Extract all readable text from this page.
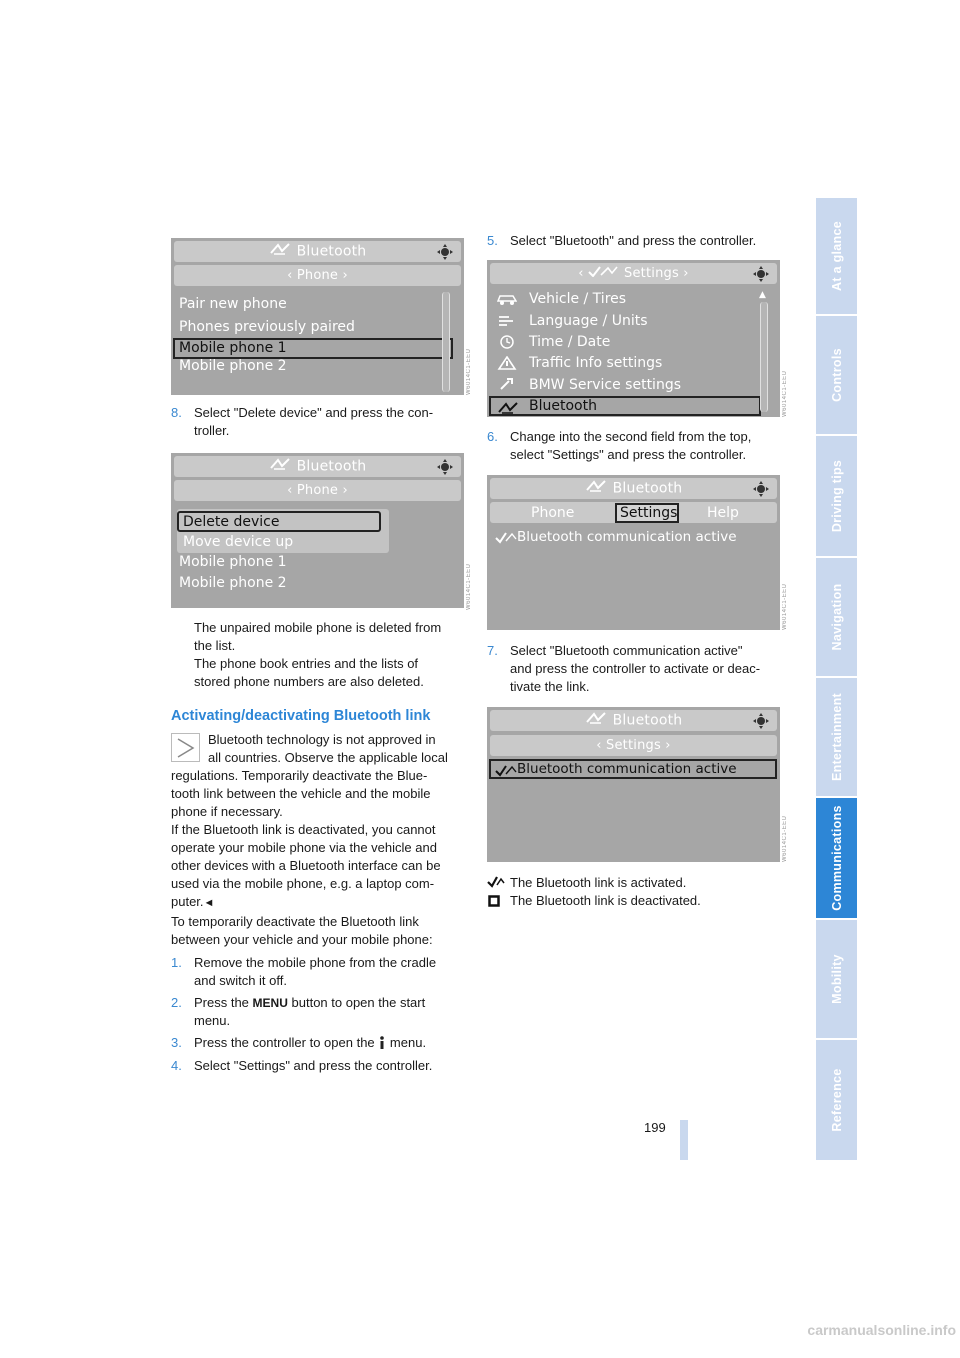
Bluetooth
‹ Phone ›
Pair new phone
Phones previously paired
Mobile phone 1
Mobile phone 2	W6014C1-EEU
8. Select "Delete device" and press the con-
troller.
Bluetooth
‹ Phone ›
Delete device
Move device up
Mobile phone 1
Mobile phone 2	W6014C1-EEU
The unpaired mobile phone is deleted from
the list.
The phone book entries and the lists of
stored phone numbers are also deleted.
Activating/deactivating Bluetooth link
Bluetooth technology is not approved in
all countries. Observe the applicable local
regulations. Temporarily deactivate the Blue-
tooth link between the vehicle and the mobile
phone if necessary.
If the Bluetooth link is deactivated, you cannot
operate your mobile phone via the vehicle and
other devices with a Bluetooth interface can be
used via the mobile phone, e.g. a laptop com-
puter.◄
To temporarily deactivate the Bluetooth link
between your vehicle and your mobile phone:
1. Remove the mobile phone from the cradle
and switch it off.
2. Press the MENU button to open the start
menu.
3. Press the controller to open the menu.
4. Select "Settings" and press the controller.
5. Select "Bluetooth" and press the controller.
‹	Settings ›
Vehicle / Tires
Language / Units
Time / Date
Traffic Info settings
BMW Service settings
Bluetooth
▲
W6014C1-EEU
6. Change into the second field from the top,
select "Settings" and press the controller.
Bluetooth
Phone	Settings Help
Bluetooth communication active
W6014C1-EEU
7. Select "Bluetooth communication active"
and press the controller to activate or deac-
tivate the link.
Bluetooth
‹ Settings ›
Bluetooth communication active
W6014C1-EEU
The Bluetooth link is activated.
The Bluetooth link is deactivated.
199
At a glance
Controls
Driving tips
Navigation
Entertainment
Communications
Mobility
Reference
carmanualsonline.info
